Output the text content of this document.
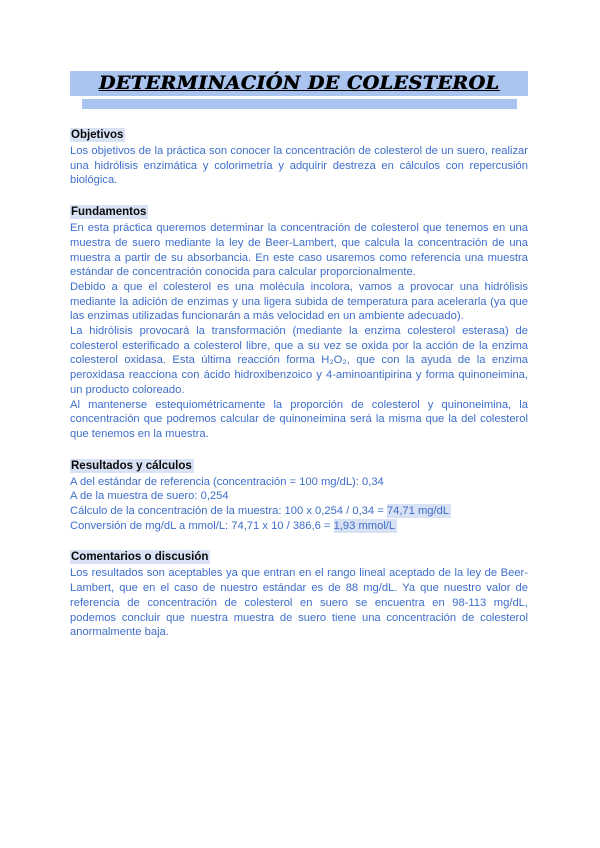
DETERMINACIÓN DE COLESTEROL
Objetivos

Los objetivos de la práctica son conocer la concentración de colesterol de un suero, realizar una hidrólisis enzimática y colorimetría y adquirir destreza en cálculos con repercusión biológica.

Fundamentos

En esta práctica queremos determinar la concentración de colesterol que tenemos en una muestra de suero mediante la ley de Beer-Lambert, que calcula la concentración de una muestra a partir de su absorbancia. En este caso usaremos como referencia una muestra estándar de concentración conocida para calcular proporcionalmente.

Debido a que el colesterol es una molécula incolora, vamos a provocar una hidrólisis mediante la adición de enzimas y una ligera subida de temperatura para acelerarla (ya que las enzimas utilizadas funcionarán a más velocidad en un ambiente adecuado).

La hidrólisis provocará la transformación (mediante la enzima colesterol esterasa) de colesterol esterificado a colesterol libre, que a su vez se oxida por la acción de la enzima colesterol oxidasa. Esta última reacción forma H₂O₂, que con la ayuda de la enzima peroxidasa reacciona con ácido hidroxibenzoico y 4-aminoantipirina y forma quinoneimina, un producto coloreado.

Al mantenerse estequiométricamente la proporción de colesterol y quinoneimina, la concentración que podremos calcular de quinoneimina será la misma que la del colesterol que tenemos en la muestra.

Resultados y cálculos

A del estándar de referencia (concentración = 100 mg/dL): 0,34

A de la muestra de suero: 0,254

Cálculo de la concentración de la muestra: 100 x 0,254 / 0,34 = 74,71 mg/dL

Conversión de mg/dL a mmol/L: 74,71 x 10 / 386,6 = 1,93 mmol/L

Comentarios o discusión

Los resultados son aceptables ya que entran en el rango lineal aceptado de la ley de Beer-Lambert, que en el caso de nuestro estándar es de 88 mg/dL. Ya que nuestro valor de referencia de concentración de colesterol en suero se encuentra en 98-113 mg/dL, podemos concluir que nuestra muestra de suero tiene una concentración de colesterol anormalmente baja.
